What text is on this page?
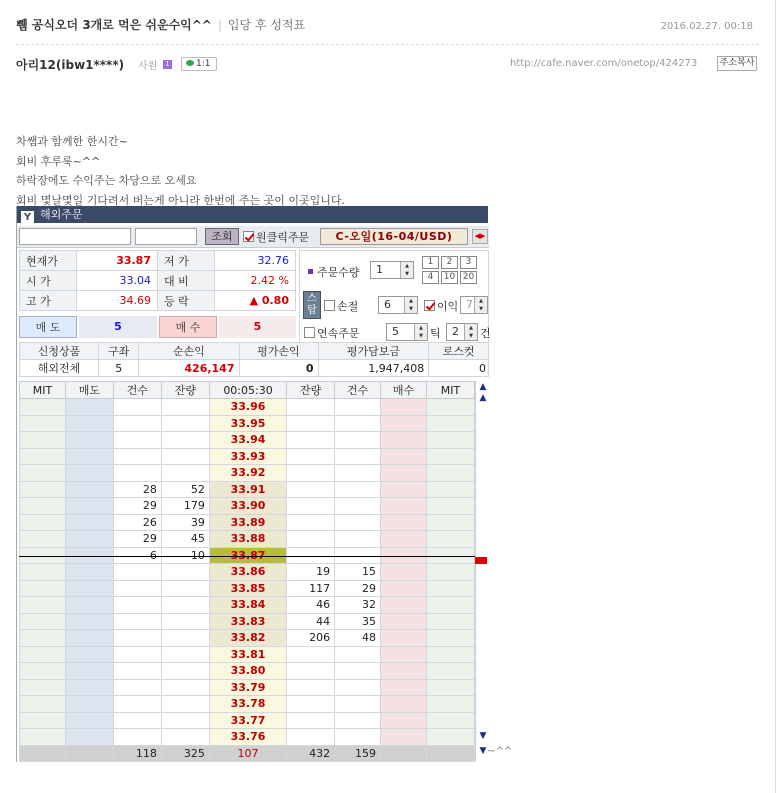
쀔 공식오더 3개로 먹은 쉬운수익^^ | 입당 후 성적표	2016.02.27. 00:18
아리12(ibw1****) 사원	1	1:1	http://cafe.naver.com/onetop/424273 주소복사
차쌤과 함께한 한시간~
회비 후루룩~^^
하락장에도 수익주는 차당으로 오세요
회비 몇날몇일 기다려서 버는게 아니라 한번에 주는 곳이 이곳입니다.
Y 해외주문
조회	원클릭주문	C-오일(16-04/USD)	◀▶
현재가	33.87	저 가	32.76
시 가	33.04	대 비	2.42 %
고 가	34.69	등 락	▲ 0.80
매 도	5	매 수	5
주문수량	1 ▲ ▼
1	2	3
4	10 20
스탑	손절	6 ▲ ▼	이익 7 ▲ ▼
연속주문	5 ▲ ▼	틱	2 ▲ ▼	건
신청상품	구좌	순손익	평가손익	평가담보금	로스컷
해외전체	5	426,147	0	1,947,408	0
MIT	매도	건수	잔량	00:05:30	잔량	건수	매수	MIT
				33.96				
				33.95				
				33.94				
				33.93				
				33.92				
		28	52	33.91				
		29	179	33.90				
		26	39	33.89				
		29	45	33.88				
		6	10	33.87				
				33.86	19	15		
				33.85	117	29		
				33.84	46	32		
				33.83	44	35		
				33.82	206	48		
				33.81				
				33.80				
				33.79				
				33.78				
				33.77				
				33.76				
		118	325	107	432	159		
▲
▲
▼
▼ ~^^
